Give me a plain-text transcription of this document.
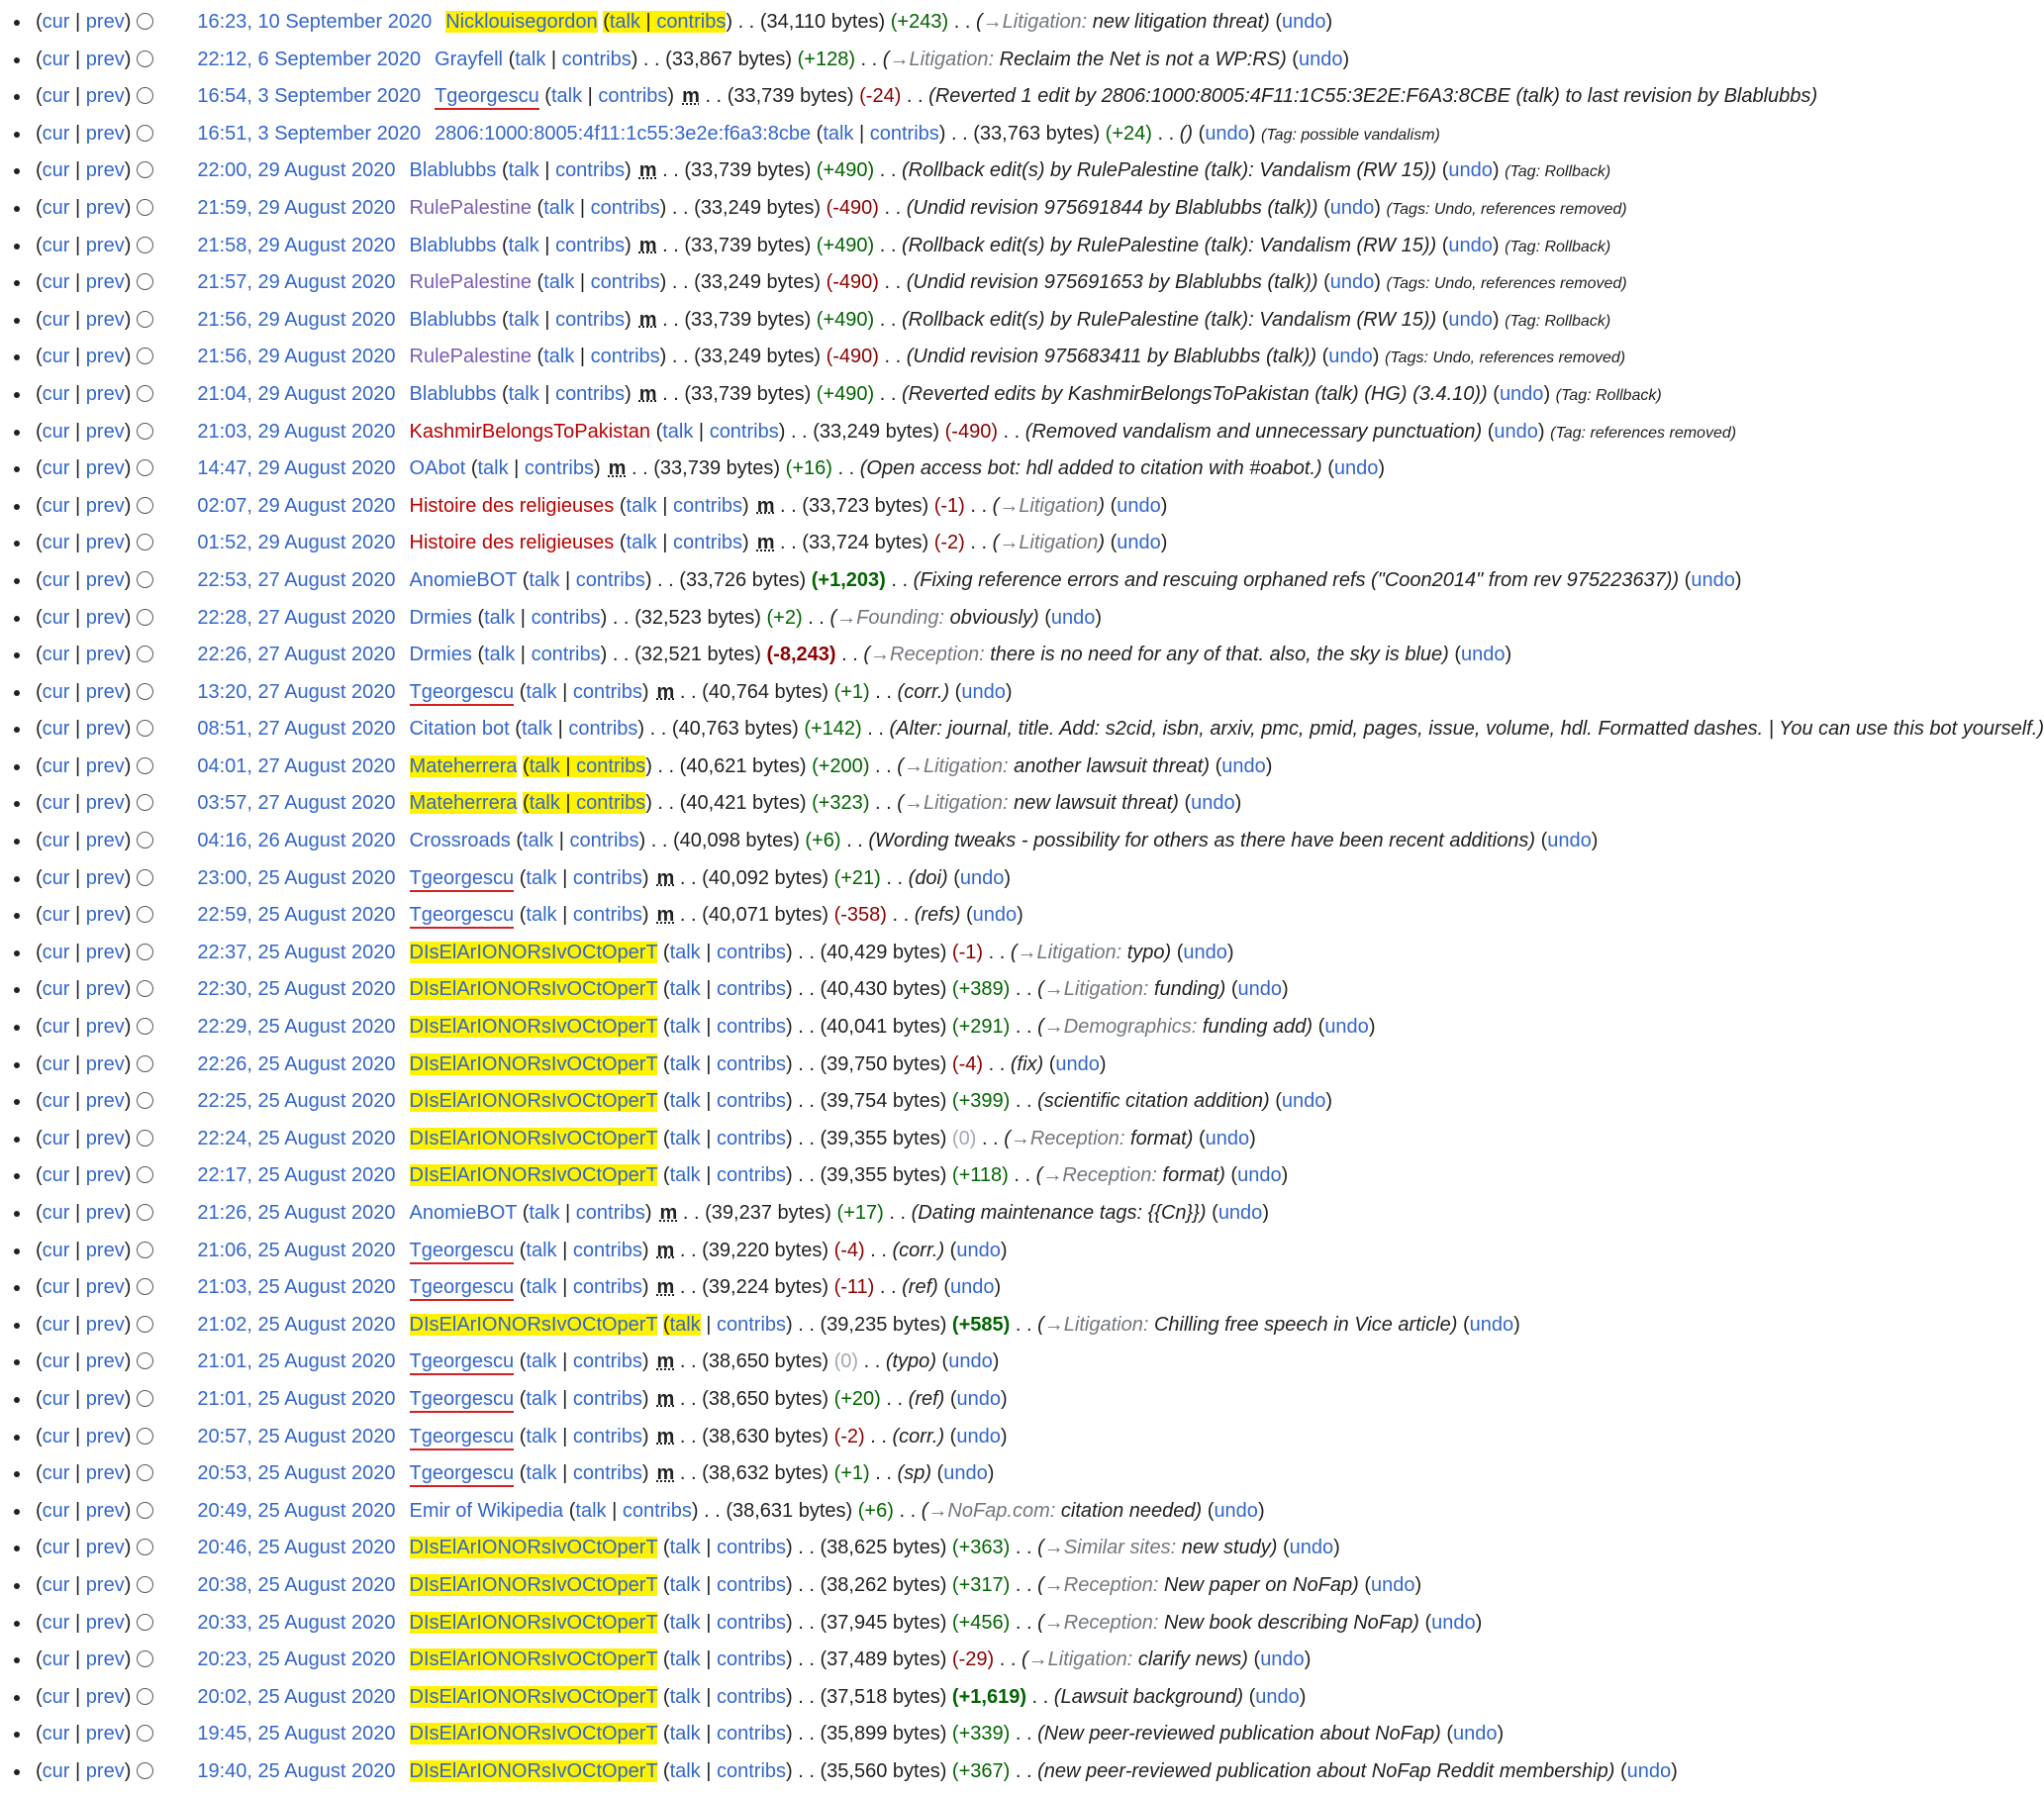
(cur | prev)	16:23, 10 September 2020 Nicklouisegordon (talk | contribs) . . (34,110 bytes) (+243) . . (→Litigation: new litigation threat) (undo)
(cur | prev)	22:12, 6 September 2020 Grayfell (talk | contribs) . . (33,867 bytes) (+128) . . (→Litigation: Reclaim the Net is not a WP:RS) (undo)
(cur | prev)	16:54, 3 September 2020 Tgeorgescu (talk | contribs) m . . (33,739 bytes) (-24) . . (Reverted 1 edit by 2806:1000:8005:4F11:1C55:3E2E:F6A3:8CBE (talk) to last revision by Blablubbs)
(cur | prev)	16:51, 3 September 2020 2806:1000:8005:4f11:1c55:3e2e:f6a3:8cbe (talk | contribs) . . (33,763 bytes) (+24) . . () (undo) (Tag: possible vandalism)
(cur | prev)	22:00, 29 August 2020 Blablubbs (talk | contribs) m . . (33,739 bytes) (+490) . . (Rollback edit(s) by RulePalestine (talk): Vandalism (RW 15)) (undo) (Tag: Rollback)
(cur | prev)	21:59, 29 August 2020 RulePalestine (talk | contribs) . . (33,249 bytes) (-490) . . (Undid revision 975691844 by Blablubbs (talk)) (undo) (Tags: Undo, references removed)
(cur | prev)	21:58, 29 August 2020 Blablubbs (talk | contribs) m . . (33,739 bytes) (+490) . . (Rollback edit(s) by RulePalestine (talk): Vandalism (RW 15)) (undo) (Tag: Rollback)
(cur | prev)	21:57, 29 August 2020 RulePalestine (talk | contribs) . . (33,249 bytes) (-490) . . (Undid revision 975691653 by Blablubbs (talk)) (undo) (Tags: Undo, references removed)
(cur | prev)	21:56, 29 August 2020 Blablubbs (talk | contribs) m . . (33,739 bytes) (+490) . . (Rollback edit(s) by RulePalestine (talk): Vandalism (RW 15)) (undo) (Tag: Rollback)
(cur | prev)	21:56, 29 August 2020 RulePalestine (talk | contribs) . . (33,249 bytes) (-490) . . (Undid revision 975683411 by Blablubbs (talk)) (undo) (Tags: Undo, references removed)
(cur | prev)	21:04, 29 August 2020 Blablubbs (talk | contribs) m . . (33,739 bytes) (+490) . . (Reverted edits by KashmirBelongsToPakistan (talk) (HG) (3.4.10)) (undo) (Tag: Rollback)
(cur | prev)	21:03, 29 August 2020 KashmirBelongsToPakistan (talk | contribs) . . (33,249 bytes) (-490) . . (Removed vandalism and unnecessary punctuation) (undo) (Tag: references removed)
(cur | prev)	14:47, 29 August 2020 OAbot (talk | contribs) m . . (33,739 bytes) (+16) . . (Open access bot: hdl added to citation with #oabot.) (undo)
(cur | prev)	02:07, 29 August 2020 Histoire des religieuses (talk | contribs) m . . (33,723 bytes) (-1) . . (→Litigation) (undo)
(cur | prev)	01:52, 29 August 2020 Histoire des religieuses (talk | contribs) m . . (33,724 bytes) (-2) . . (→Litigation) (undo)
(cur | prev)	22:53, 27 August 2020 AnomieBOT (talk | contribs) . . (33,726 bytes) (+1,203) . . (Fixing reference errors and rescuing orphaned refs ("Coon2014" from rev 975223637)) (undo)
(cur | prev)	22:28, 27 August 2020 Drmies (talk | contribs) . . (32,523 bytes) (+2) . . (→Founding: obviously) (undo)
(cur | prev)	22:26, 27 August 2020 Drmies (talk | contribs) . . (32,521 bytes) (-8,243) . . (→Reception: there is no need for any of that. also, the sky is blue) (undo)
(cur | prev)	13:20, 27 August 2020 Tgeorgescu (talk | contribs) m . . (40,764 bytes) (+1) . . (corr.) (undo)
(cur | prev)	08:51, 27 August 2020 Citation bot (talk | contribs) . . (40,763 bytes) (+142) . . (Alter: journal, title. Add: s2cid, isbn, arxiv, pmc, pmid, pages, issue, volume, hdl. Formatted dashes. | You can use this bot yourself.)
(cur | prev)	04:01, 27 August 2020 Mateherrera (talk | contribs) . . (40,621 bytes) (+200) . . (→Litigation: another lawsuit threat) (undo)
(cur | prev)	03:57, 27 August 2020 Mateherrera (talk | contribs) . . (40,421 bytes) (+323) . . (→Litigation: new lawsuit threat) (undo)
(cur | prev)	04:16, 26 August 2020 Crossroads (talk | contribs) . . (40,098 bytes) (+6) . . (Wording tweaks - possibility for others as there have been recent additions) (undo)
(cur | prev)	23:00, 25 August 2020 Tgeorgescu (talk | contribs) m . . (40,092 bytes) (+21) . . (doi) (undo)
(cur | prev)	22:59, 25 August 2020 Tgeorgescu (talk | contribs) m . . (40,071 bytes) (-358) . . (refs) (undo)
(cur | prev)	22:37, 25 August 2020 DIsElArIONORsIvOCtOperT (talk | contribs) . . (40,429 bytes) (-1) . . (→Litigation: typo) (undo)
(cur | prev)	22:30, 25 August 2020 DIsElArIONORsIvOCtOperT (talk | contribs) . . (40,430 bytes) (+389) . . (→Litigation: funding) (undo)
(cur | prev)	22:29, 25 August 2020 DIsElArIONORsIvOCtOperT (talk | contribs) . . (40,041 bytes) (+291) . . (→Demographics: funding add) (undo)
(cur | prev)	22:26, 25 August 2020 DIsElArIONORsIvOCtOperT (talk | contribs) . . (39,750 bytes) (-4) . . (fix) (undo)
(cur | prev)	22:25, 25 August 2020 DIsElArIONORsIvOCtOperT (talk | contribs) . . (39,754 bytes) (+399) . . (scientific citation addition) (undo)
(cur | prev)	22:24, 25 August 2020 DIsElArIONORsIvOCtOperT (talk | contribs) . . (39,355 bytes) (0) . . (→Reception: format) (undo)
(cur | prev)	22:17, 25 August 2020 DIsElArIONORsIvOCtOperT (talk | contribs) . . (39,355 bytes) (+118) . . (→Reception: format) (undo)
(cur | prev)	21:26, 25 August 2020 AnomieBOT (talk | contribs) m . . (39,237 bytes) (+17) . . (Dating maintenance tags: {{Cn}}) (undo)
(cur | prev)	21:06, 25 August 2020 Tgeorgescu (talk | contribs) m . . (39,220 bytes) (-4) . . (corr.) (undo)
(cur | prev)	21:03, 25 August 2020 Tgeorgescu (talk | contribs) m . . (39,224 bytes) (-11) . . (ref) (undo)
(cur | prev)	21:02, 25 August 2020 DIsElArIONORsIvOCtOperT (talk | contribs) . . (39,235 bytes) (+585) . . (→Litigation: Chilling free speech in Vice article) (undo)
(cur | prev)	21:01, 25 August 2020 Tgeorgescu (talk | contribs) m . . (38,650 bytes) (0) . . (typo) (undo)
(cur | prev)	21:01, 25 August 2020 Tgeorgescu (talk | contribs) m . . (38,650 bytes) (+20) . . (ref) (undo)
(cur | prev)	20:57, 25 August 2020 Tgeorgescu (talk | contribs) m . . (38,630 bytes) (-2) . . (corr.) (undo)
(cur | prev)	20:53, 25 August 2020 Tgeorgescu (talk | contribs) m . . (38,632 bytes) (+1) . . (sp) (undo)
(cur | prev)	20:49, 25 August 2020 Emir of Wikipedia (talk | contribs) . . (38,631 bytes) (+6) . . (→NoFap.com: citation needed) (undo)
(cur | prev)	20:46, 25 August 2020 DIsElArIONORsIvOCtOperT (talk | contribs) . . (38,625 bytes) (+363) . . (→Similar sites: new study) (undo)
(cur | prev)	20:38, 25 August 2020 DIsElArIONORsIvOCtOperT (talk | contribs) . . (38,262 bytes) (+317) . . (→Reception: New paper on NoFap) (undo)
(cur | prev)	20:33, 25 August 2020 DIsElArIONORsIvOCtOperT (talk | contribs) . . (37,945 bytes) (+456) . . (→Reception: New book describing NoFap) (undo)
(cur | prev)	20:23, 25 August 2020 DIsElArIONORsIvOCtOperT (talk | contribs) . . (37,489 bytes) (-29) . . (→Litigation: clarify news) (undo)
(cur | prev)	20:02, 25 August 2020 DIsElArIONORsIvOCtOperT (talk | contribs) . . (37,518 bytes) (+1,619) . . (Lawsuit background) (undo)
(cur | prev)	19:45, 25 August 2020 DIsElArIONORsIvOCtOperT (talk | contribs) . . (35,899 bytes) (+339) . . (New peer-reviewed publication about NoFap) (undo)
(cur | prev)	19:40, 25 August 2020 DIsElArIONORsIvOCtOperT (talk | contribs) . . (35,560 bytes) (+367) . . (new peer-reviewed publication about NoFap Reddit membership) (undo)
